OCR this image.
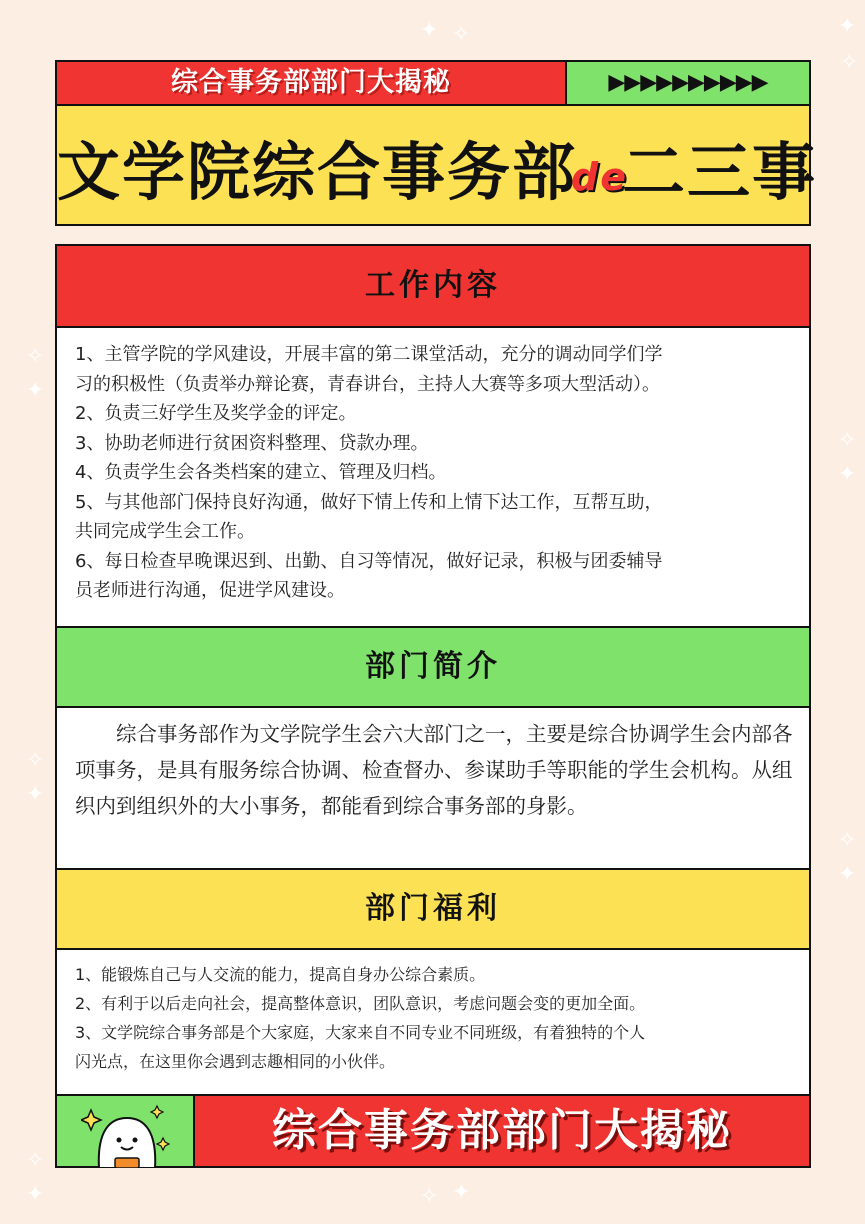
✦ ✧	✦
✧
✧
✦
✧
✦
✧
✦
✧
✦
✧
✦	✧ ✦
综合事务部部门大揭秘	▶▶▶▶▶▶▶▶▶▶
文学院综合事务部de二三事
工作内容

1、主管学院的学风建设，开展丰富的第二课堂活动，充分的调动同学们学

习的积极性（负责举办辩论赛，青春讲台，主持人大赛等多项大型活动）。

2、负责三好学生及奖学金的评定。

3、协助老师进行贫困资料整理、贷款办理。

4、负责学生会各类档案的建立、管理及归档。

5、与其他部门保持良好沟通，做好下情上传和上情下达工作，互帮互助，

共同完成学生会工作。

6、每日检查早晚课迟到、出勤、自习等情况，做好记录，积极与团委辅导

员老师进行沟通，促进学风建设。

部门简介

综合事务部作为文学院学生会六大部门之一，主要是综合协调学生会内部各项事务，是具有服务综合协调、检查督办、参谋助手等职能的学生会机构。从组织内到组织外的大小事务，都能看到综合事务部的身影。

部门福利

1、能锻炼自己与人交流的能力，提高自身办公综合素质。

2、有利于以后走向社会，提高整体意识，团队意识，考虑问题会变的更加全面。

3、文学院综合事务部是个大家庭，大家来自不同专业不同班级，有着独特的个人

闪光点，在这里你会遇到志趣相同的小伙伴。

综合事务部部门大揭秘
